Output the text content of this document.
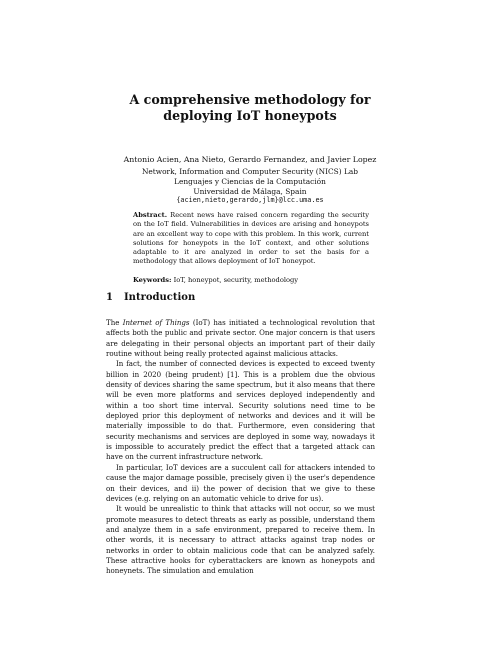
A comprehensive methodology for
deploying IoT honeypots
Antonio Acien, Ana Nieto, Gerardo Fernandez, and Javier Lopez
Network, Information and Computer Security (NICS) Lab
Lenguajes y Ciencias de la Computación
Universidad de Málaga, Spain
{acien,nieto,gerardo,jlm}@lcc.uma.es

Abstract. Recent news have raised concern regarding the security on the IoT field. Vulnerabilities in devices are arising and honeypots are an excellent way to cope with this problem. In this work, current solutions for honeypots in the IoT context, and other solutions adaptable to it are analyzed in order to set the basis for a methodology that allows deployment of IoT honeypot.

Keywords: IoT, honeypot, security, methodology

1 Introduction

The Internet of Things (IoT) has initiated a technological revolution that affects both the public and private sector. One major concern is that users are delegating in their personal objects an important part of their daily routine without being really protected against malicious attacks.

In fact, the number of connected devices is expected to exceed twenty billion in 2020 (being prudent) [1]. This is a problem due the obvious density of devices sharing the same spectrum, but it also means that there will be even more platforms and services deployed independently and within a too short time interval. Security solutions need time to be deployed prior this deployment of networks and devices and it will be materially impossible to do that. Furthermore, even considering that security mechanisms and services are deployed in some way, nowadays it is impossible to accurately predict the effect that a targeted attack can have on the current infrastructure network.

In particular, IoT devices are a succulent call for attackers intended to cause the major damage possible, precisely given i) the user's dependence on their devices, and ii) the power of decision that we give to these devices (e.g. relying on an automatic vehicle to drive for us).

It would be unrealistic to think that attacks will not occur, so we must promote measures to detect threats as early as possible, understand them and analyze them in a safe environment, prepared to receive them. In other words, it is necessary to attract attacks against trap nodes or networks in order to obtain malicious code that can be analyzed safely. These attractive hooks for cyberattackers are known as honeypots and honeynets. The simulation and emulation
